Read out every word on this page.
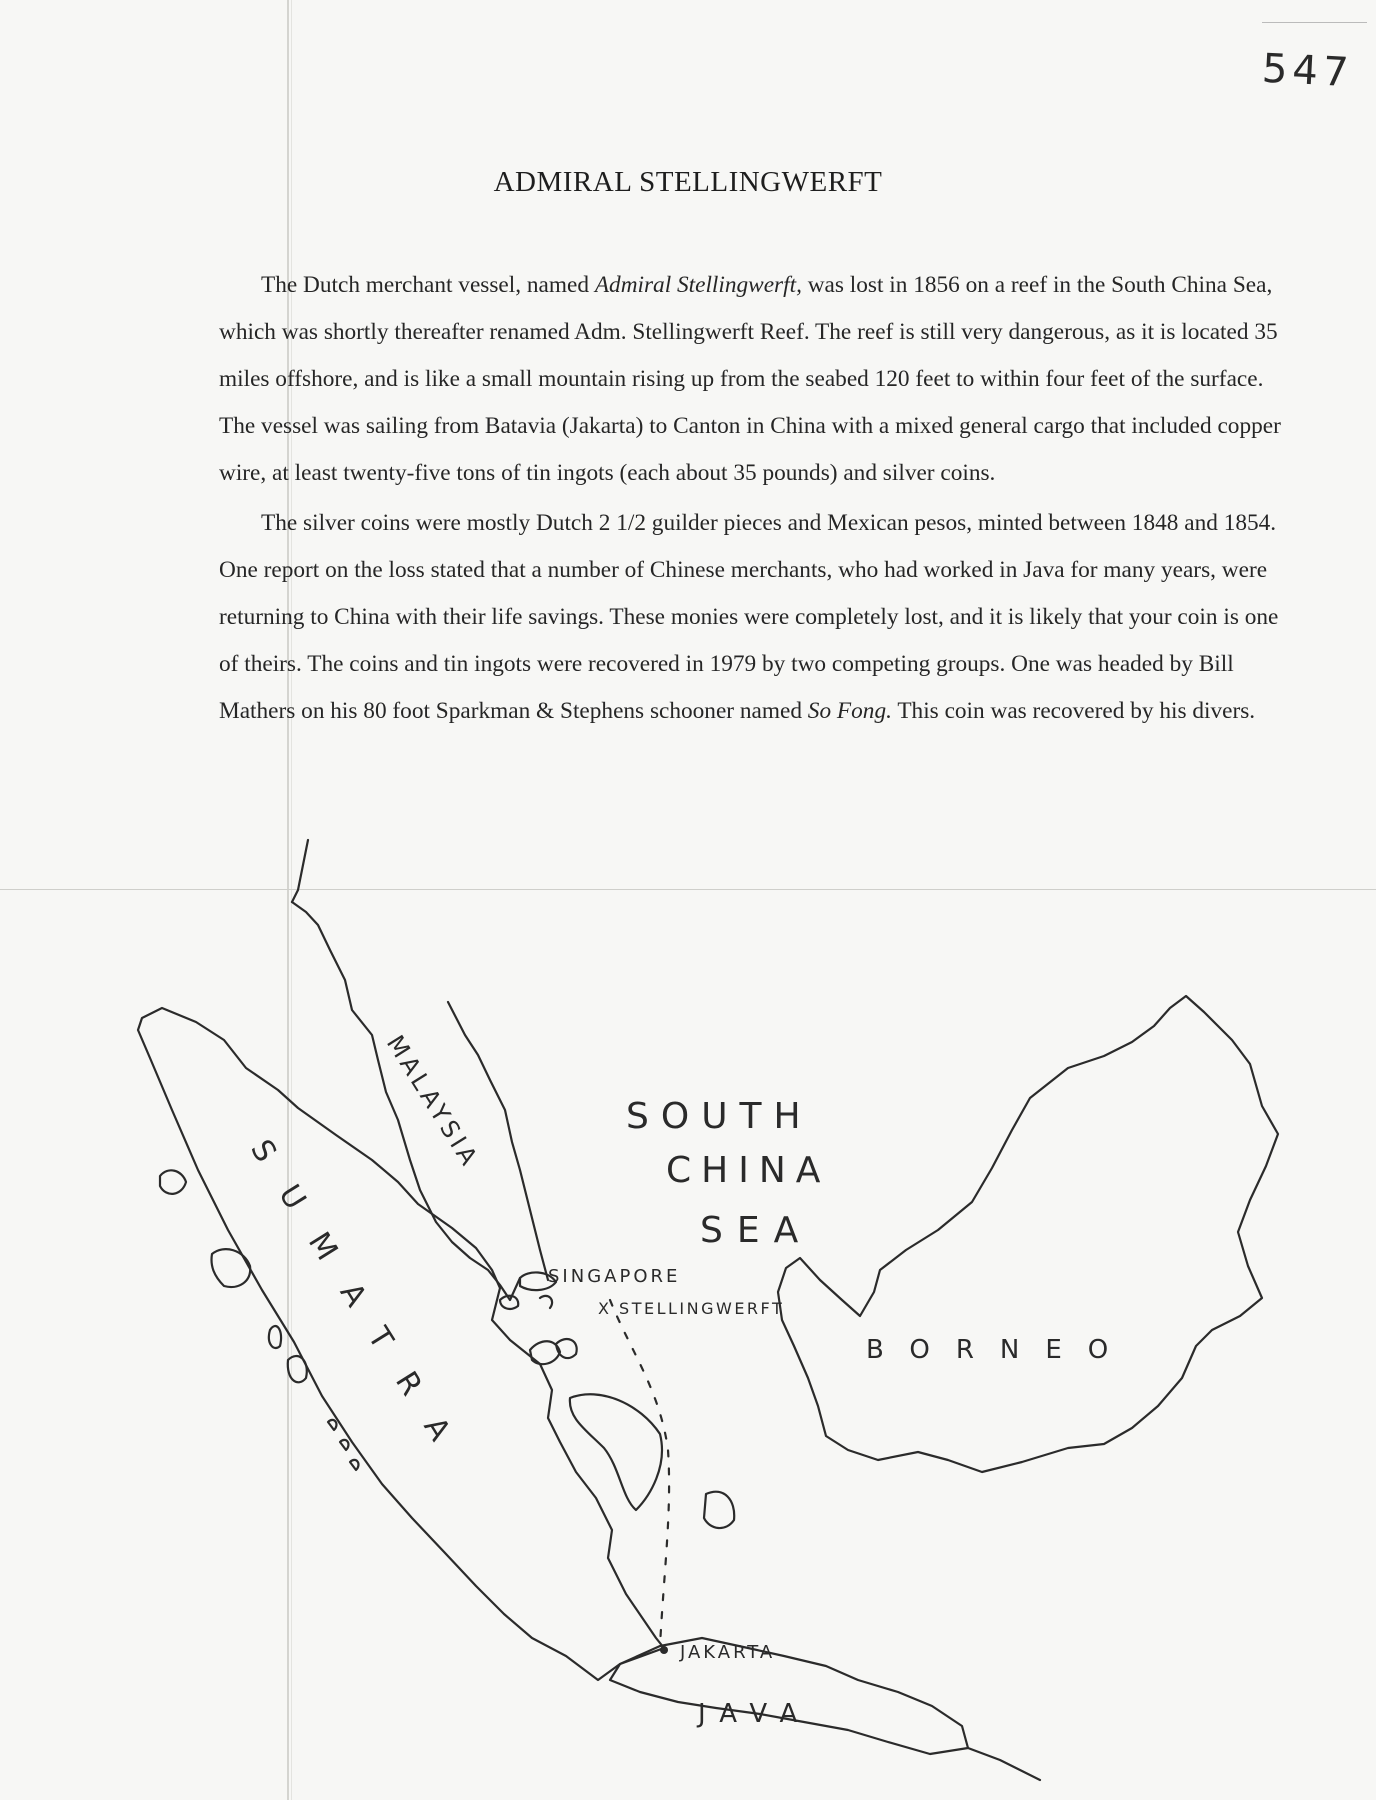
547
ADMIRAL STELLINGWERFT

The Dutch merchant vessel, named Admiral Stellingwerft, was lost in 1856 on a reef in the South China Sea, which was shortly thereafter renamed Adm. Stellingwerft Reef. The reef is still very dangerous, as it is located 35 miles offshore, and is like a small mountain rising up from the seabed 120 feet to within four feet of the surface. The vessel was sailing from Batavia (Jakarta) to Canton in China with a mixed general cargo that included copper wire, at least twenty-five tons of tin ingots (each about 35 pounds) and silver coins.

The silver coins were mostly Dutch 2 1/2 guilder pieces and Mexican pesos, minted between 1848 and 1854. One report on the loss stated that a number of Chinese merchants, who had worked in Java for many years, were returning to China with their life savings. These monies were completely lost, and it is likely that your coin is one of theirs. The coins and tin ingots were recovered in 1979 by two competing groups. One was headed by Bill Mathers on his 80 foot Sparkman & Stephens schooner named So Fong. This coin was recovered by his divers.

MALAYSIA
SUMATRA
SOUTH
CHINA
SEA
SINGAPORE
X STELLINGWERFT
BORNEO
JAKARTA
JAVA
